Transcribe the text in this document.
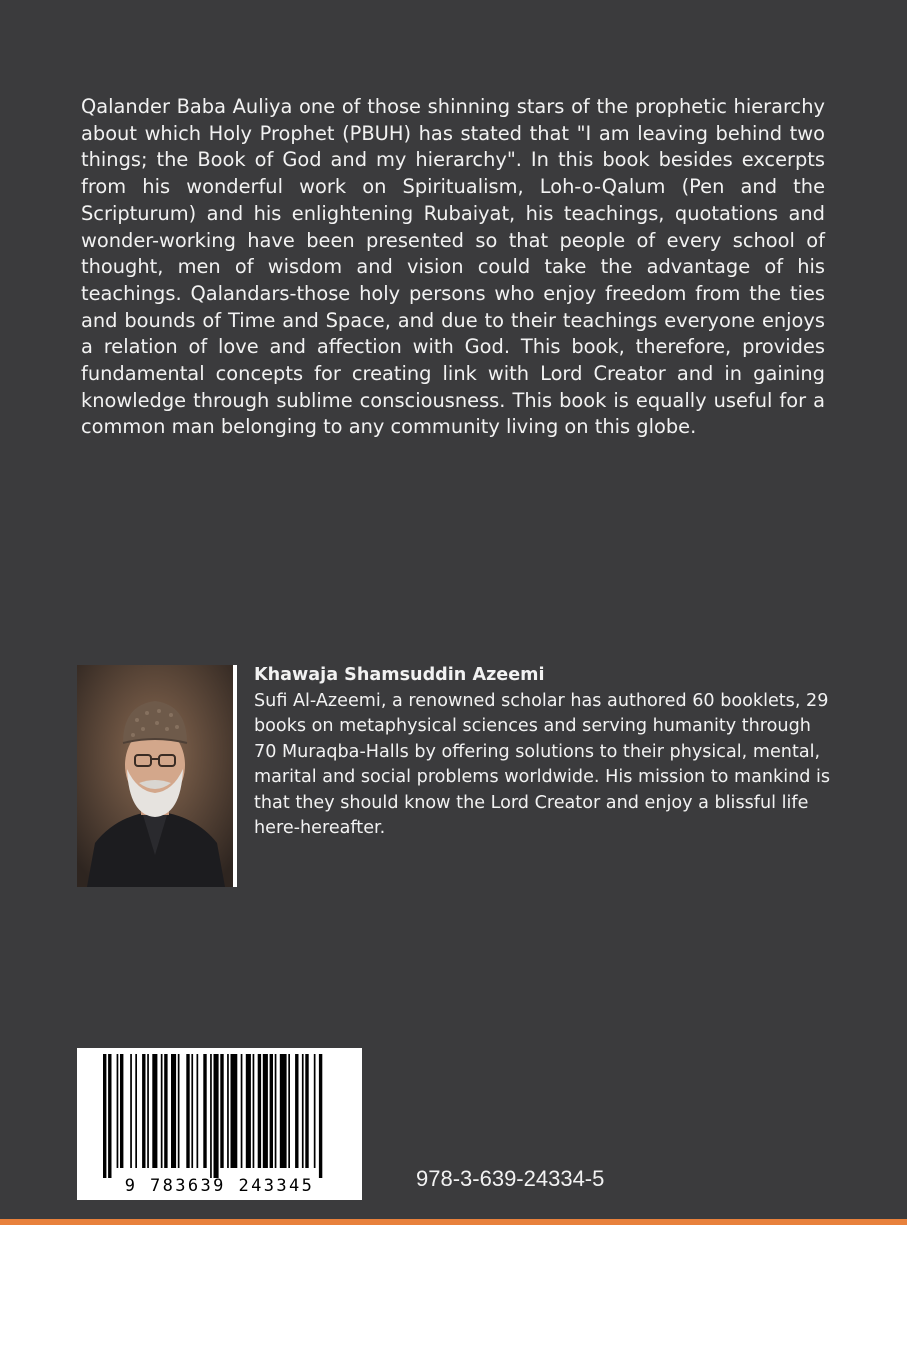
Qalander Baba Auliya one of those shinning stars of the prophetic hierarchy about which Holy Prophet (PBUH) has stated that "I am leaving behind two things; the Book of God and my hierarchy". In this book besides excerpts from his wonderful work on Spiritualism, Loh-o-Qalum (Pen and the Scripturum) and his enlightening Rubaiyat, his teachings, quotations and wonder-working have been presented so that people of every school of thought, men of wisdom and vision could take the advantage of his teachings. Qalandars-those holy persons who enjoy freedom from the ties and bounds of Time and Space, and due to their teachings everyone enjoys a relation of love and affection with God. This book, therefore, provides fundamental concepts for creating link with Lord Creator and in gaining knowledge through sublime consciousness. This book is equally useful for a common man belonging to any community living on this globe.

Khawaja Shamsuddin Azeemi

Sufi Al-Azeemi, a renowned scholar has authored 60 booklets, 29 books on metaphysical sciences and serving humanity through 70 Muraqba-Halls by offering solutions to their physical, mental, marital and social problems worldwide. His mission to mankind is that they should know the Lord Creator and enjoy a blissful life here-hereafter.

9 783639 243345	978-3-639-24334-5
